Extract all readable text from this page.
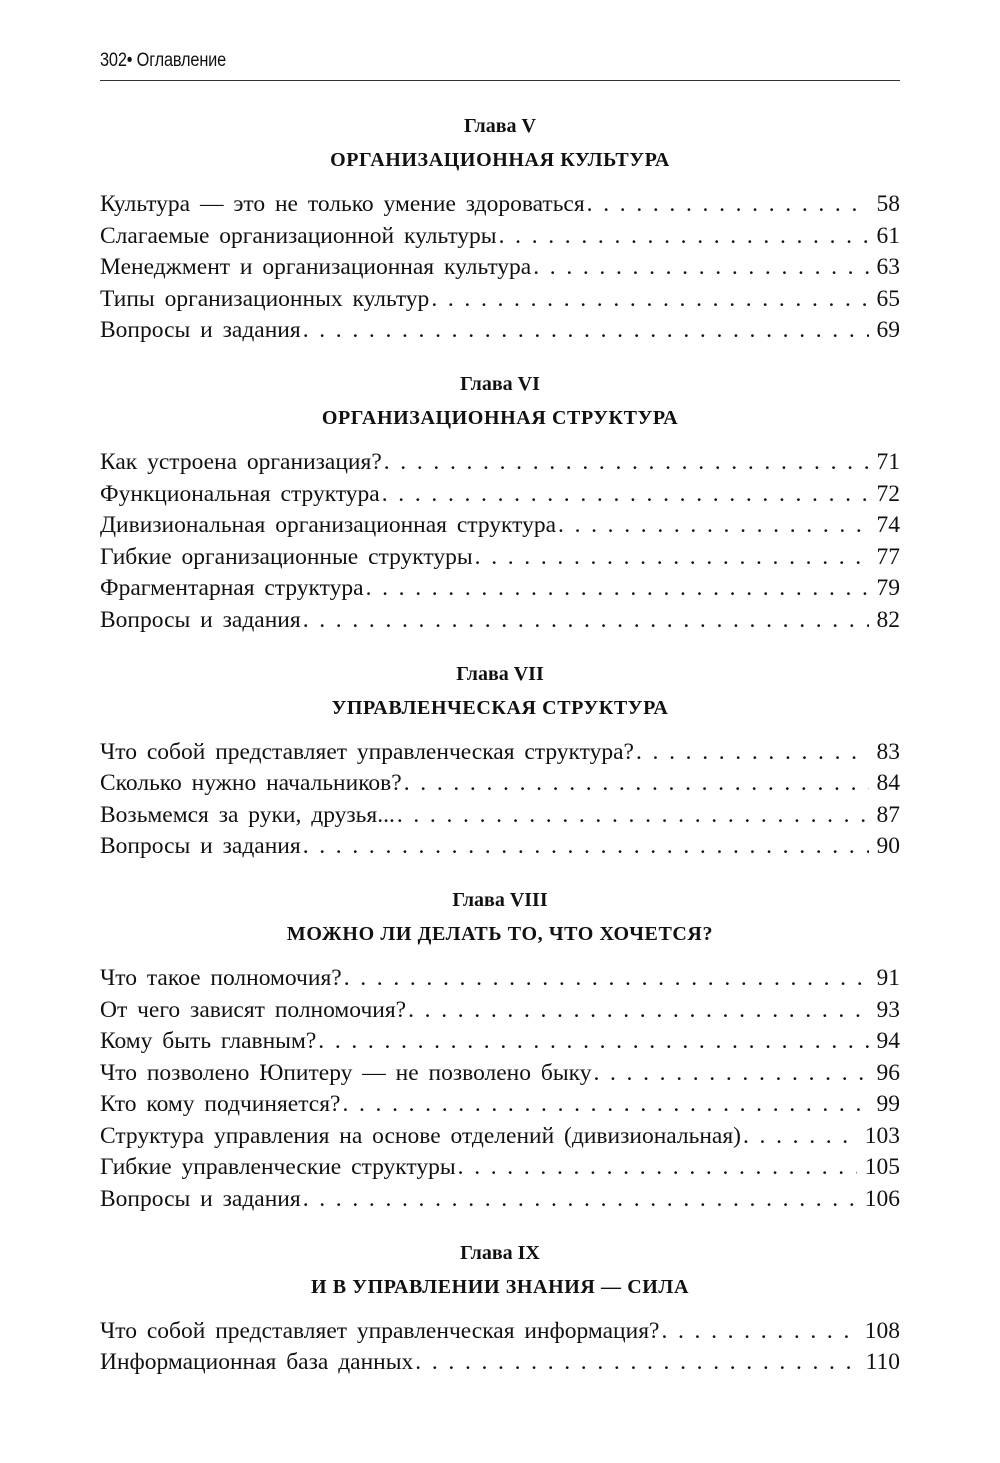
302• Оглавление
Глава V
ОРГАНИЗАЦИОННАЯ КУЛЬТУРА
Культура — это не только умение здороваться . . .	58
Слагаемые организационной культуры . . .	61
Менеджмент и организационная культура . . .	63
Типы организационных культур . . .	65
Вопросы и задания . . .	69
Глава VI
ОРГАНИЗАЦИОННАЯ СТРУКТУРА
Как устроена организация? . . .	71
Функциональная структура . . .	72
Дивизиональная организационная структура . . .	74
Гибкие организационные структуры . . .	77
Фрагментарная структура . . .	79
Вопросы и задания . . .	82
Глава VII
УПРАВЛЕНЧЕСКАЯ СТРУКТУРА
Что собой представляет управленческая структура? . . .	83
Сколько нужно начальников? . . .	84
Возьмемся за руки, друзья... . . .	87
Вопросы и задания . . .	90
Глава VIII
МОЖНО ЛИ ДЕЛАТЬ ТО, ЧТО ХОЧЕТСЯ?
Что такое полномочия? . . .	91
От чего зависят полномочия? . . .	93
Кому быть главным? . . .	94
Что позволено Юпитеру — не позволено быку . . .	96
Кто кому подчиняется? . . .	99
Структура управления на основе отделений (дивизиональная) . . .	103
Гибкие управленческие структуры . . .	105
Вопросы и задания . . .	106
Глава IX
И В УПРАВЛЕНИИ ЗНАНИЯ — СИЛА
Что собой представляет управленческая информация? . . .	108
Информационная база данных . . .	110
